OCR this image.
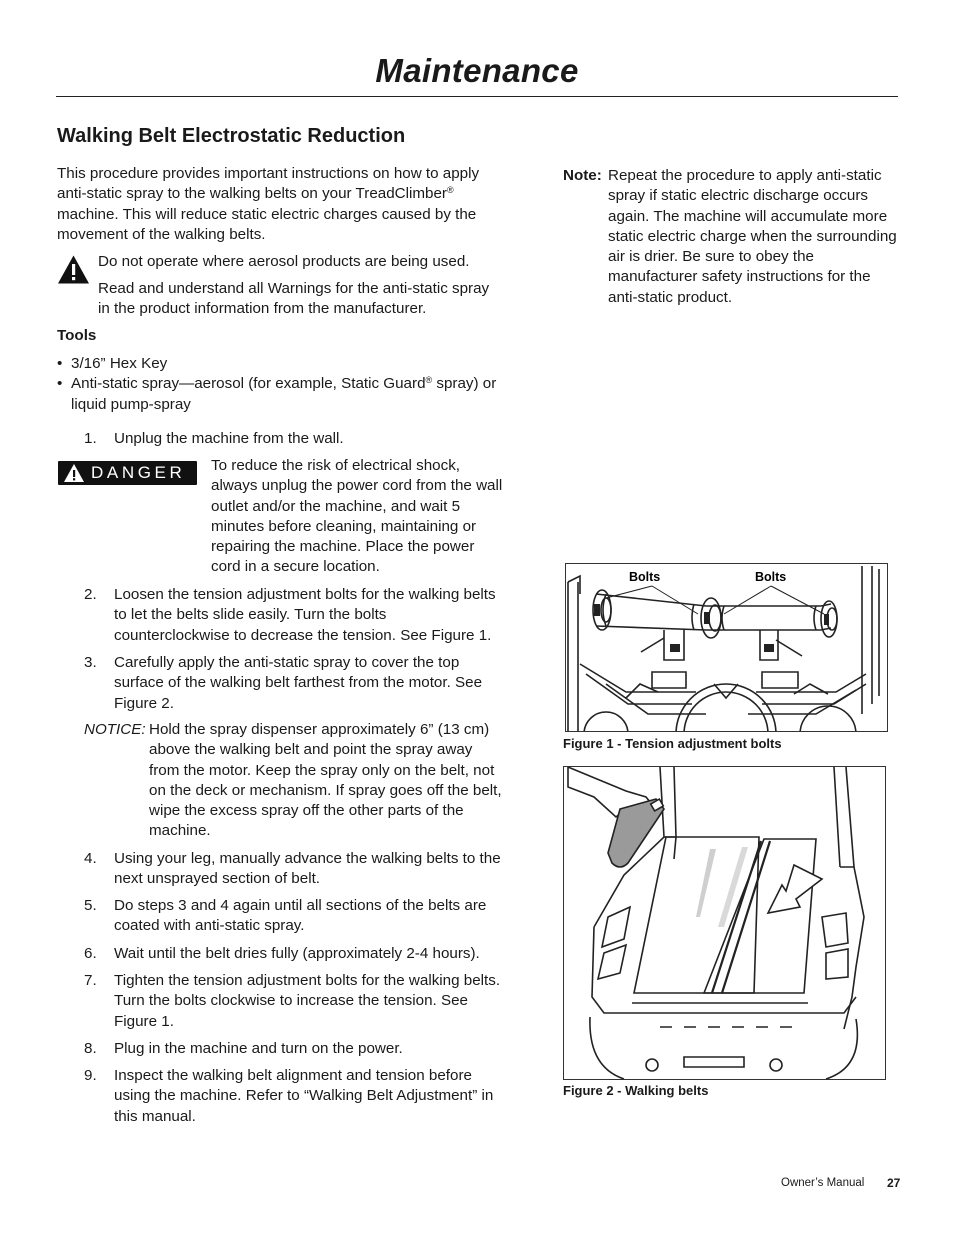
Maintenance
Walking Belt Electrostatic Reduction
This procedure provides important instructions on how to apply anti-static spray to the walking belts on your TreadClimber® machine. This will reduce static electric charges caused by the movement of the walking belts.
Do not operate where aerosol products are being used.
Read and understand all Warnings for the anti-static spray in the product information from the manufacturer.
Tools
• 3/16” Hex Key
• Anti-static spray—aerosol (for example, Static Guard® spray) or liquid pump-spray
1.	Unplug the machine from the wall.
DANGER To reduce the risk of electrical shock, always unplug the power cord from the wall outlet and/or the machine, and wait 5 minutes before cleaning, maintaining or repairing the machine. Place the power cord in a secure location.
2.	Loosen the tension adjustment bolts for the walking belts to let the belts slide easily. Turn the bolts counterclockwise to decrease the tension. See Figure 1.
3.	Carefully apply the anti-static spray to cover the top surface of the walking belt farthest from the motor. See Figure 2.
NOTICE: Hold the spray dispenser approximately 6” (13 cm) above the walking belt and point the spray away from the motor. Keep the spray only on the belt, not on the deck or mechanism. If spray goes off the belt, wipe the excess spray off the other parts of the machine.
4.	Using your leg, manually advance the walking belts to the next unsprayed section of belt.
5.	Do steps 3 and 4 again until all sections of the belts are coated with anti-static spray.
6.	Wait until the belt dries fully (approximately 2-4 hours).
7.	Tighten the tension adjustment bolts for the walking belts. Turn the bolts clockwise to increase the tension. See Figure 1.
8.	Plug in the machine and turn on the power.
9.	Inspect the walking belt alignment and tension before using the machine. Refer to “Walking Belt Adjustment” in this manual.
Note: Repeat the procedure to apply anti-static spray if static electric discharge occurs again. The machine will accumulate more static electric charge when the surrounding air is drier. Be sure to obey the manufacturer safety instructions for the anti-static product.
Bolts	Bolts
Figure 1 - Tension adjustment bolts
Figure 2 - Walking belts
Owner’s Manual 27
